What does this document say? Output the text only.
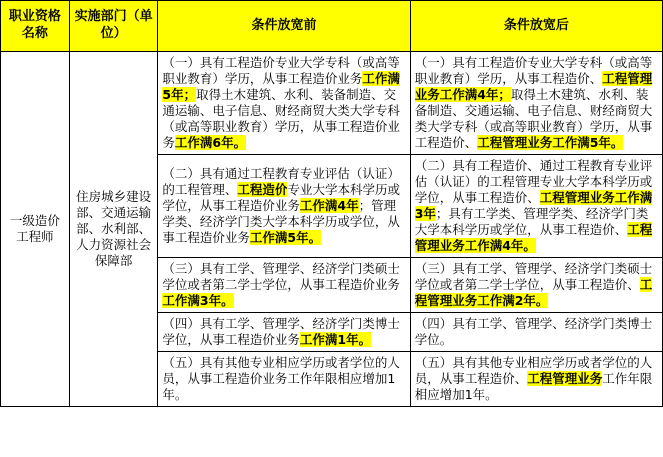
职业资格名称	实施部门（单位）	条件放宽前	条件放宽后
一级造价工程师	住房城乡建设部、交通运输部、水利部、人力资源社会保障部	（一）具有工程造价专业大学专科（或高等职业教育）学历，从事工程造价业务工作满5年；取得土木建筑、水利、装备制造、交通运输、电子信息、财经商贸大类大学专科（或高等职业教育）学历，从事工程造价业务工作满6年。	（一）具有工程造价专业大学专科（或高等职业教育）学历，从事工程造价、工程管理业务工作满4年；取得土木建筑、水利、装备制造、交通运输、电子信息、财经商贸大类大学专科（或高等职业教育）学历，从事工程造价、工程管理业务工作满5年。

		（二）具有通过工程教育专业评估（认证）的工程管理、工程造价专业大学本科学历或学位，从事工程造价业务工作满4年；管理学类、经济学门类大学本科学历或学位，从事工程造价业务工作满5年。	（二）具有工程造价、通过工程教育专业评估（认证）的工程管理专业大学本科学历或学位，从事工程造价、工程管理业务工作满3年；具有工学类、管理学类、经济学门类大学本科学历或学位，从事工程造价、工程管理业务工作满4年。

		（三）具有工学、管理学、经济学门类硕士学位或者第二学士学位，从事工程造价业务工作满3年。	（三）具有工学、管理学、经济学门类硕士学位或者第二学士学位，从事工程造价、工程管理业务工作满2年。

		（四）具有工学、管理学、经济学门类博士学位，从事工程造价业务工作满1年。	（四）具有工学、管理学、经济学门类博士学位。

		（五）具有其他专业相应学历或者学位的人员，从事工程造价业务工作年限相应增加1年。	（五）具有其他专业相应学历或者学位的人员，从事工程造价、工程管理业务工作年限相应增加1年。
